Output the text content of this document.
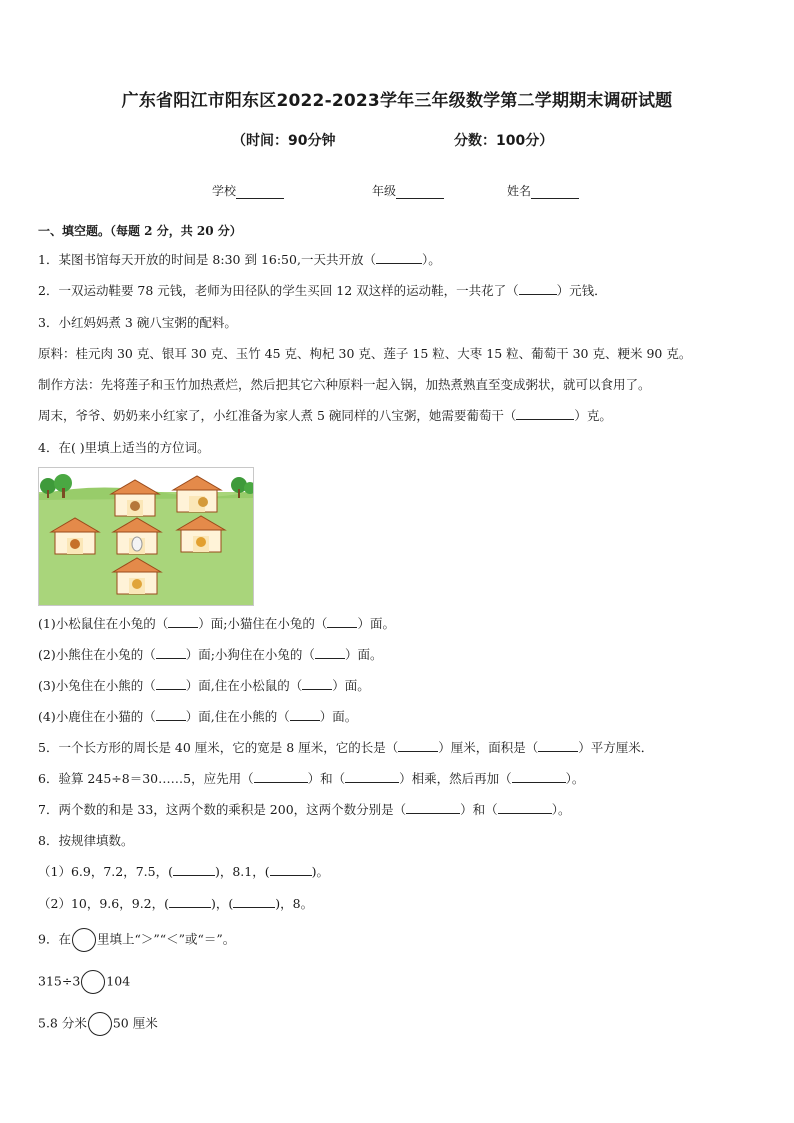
广东省阳江市阳东区2022-2023学年三年级数学第二学期期末调研试题
（时间：90分钟	分数：100分）
学校	年级	姓名
一、填空题。（每题 2 分，共 20 分）
1．某图书馆每天开放的时间是 8:30 到 16:50,一天共开放（	）。
2．一双运动鞋要 78 元钱，老师为田径队的学生买回 12 双这样的运动鞋，一共花了（	）元钱．
3．小红妈妈煮 3 碗八宝粥的配料。
原料：桂元肉 30 克、银耳 30 克、玉竹 45 克、枸杞 30 克、莲子 15 粒、大枣 15 粒、葡萄干 30 克、粳米 90 克。
制作方法：先将莲子和玉竹加热煮烂，然后把其它六种原料一起入锅，加热煮熟直至变成粥状，就可以食用了。
周末，爷爷、奶奶来小红家了，小红准备为家人煮 5 碗同样的八宝粥，她需要葡萄干（	）克。
4．在( )里填上适当的方位词。
(1)小松鼠住在小兔的（ ）面;小猫住在小兔的（ ）面。
(2)小熊住在小兔的（ ）面;小狗住在小兔的（ ）面。
(3)小兔住在小熊的（ ）面,住在小松鼠的（ ）面。
(4)小鹿住在小猫的（ ）面,住在小熊的（ ）面。
5．一个长方形的周长是 40 厘米，它的宽是 8 厘米，它的长是（	）厘米，面积是（	）平方厘米．
6．验算 245÷8＝30……5，应先用（	）和（	）相乘，然后再加（	）。
7．两个数的和是 33，这两个数的乘积是 200，这两个数分别是（	）和（	）。
8．按规律填数。
（1）6.9，7.2，7.5，(	)，8.1，(	)。
（2）10，9.6，9.2，(	)，(	)，8。
9．在 里填上“＞”“＜”或“＝”。
315÷3 104
5.8 分米 50 厘米
